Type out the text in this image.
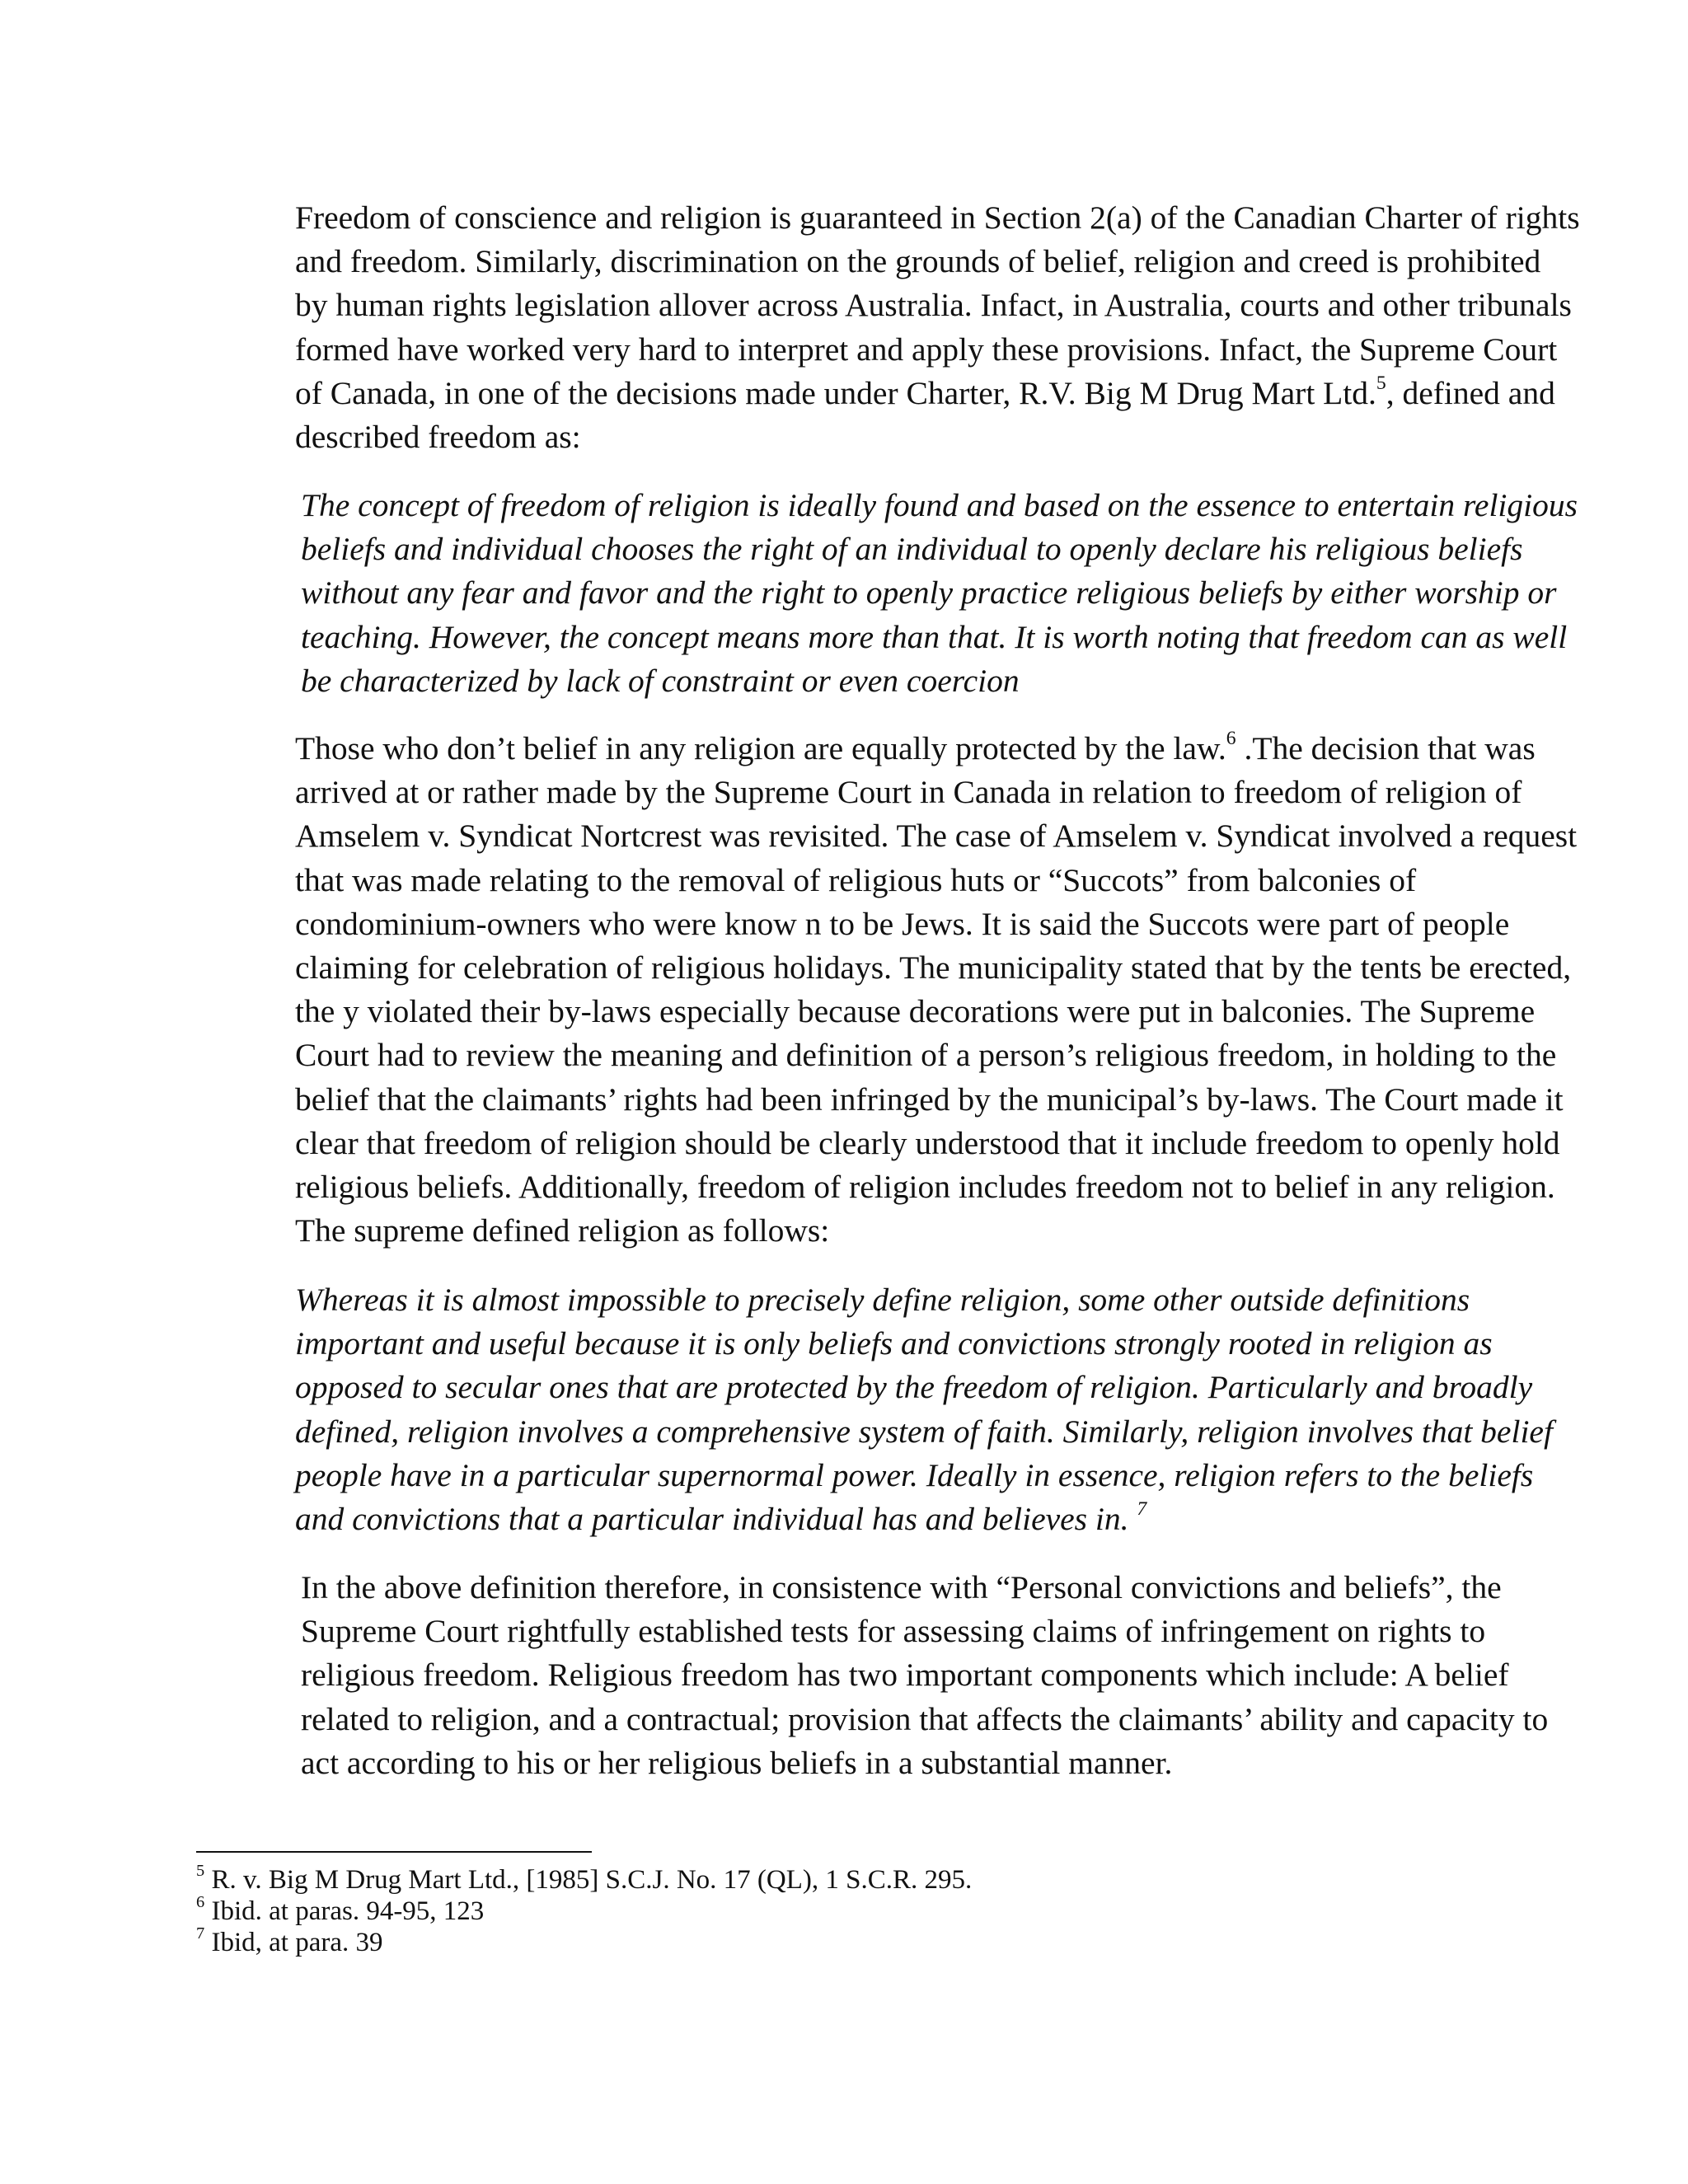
Freedom of conscience and religion is guaranteed in Section 2(a) of the Canadian Charter of rights and freedom. Similarly, discrimination on the grounds of belief, religion and creed is prohibited by human rights legislation allover across Australia. Infact, in Australia, courts and other tribunals formed have worked very hard to interpret and apply these provisions. Infact, the Supreme Court of Canada, in one of the decisions made under Charter, R.V. Big M Drug Mart Ltd.$^5$, defined and described freedom as:

The concept of freedom of religion is ideally found and based on the essence to entertain religious beliefs and individual chooses the right of an individual to openly declare his religious beliefs without any fear and favor and the right to openly practice religious beliefs by either worship or teaching. However, the concept means more than that. It is worth noting that freedom can as well be characterized by lack of constraint or even coercion

Those who don’t belief in any religion are equally protected by the law.$^6$ .The decision that was arrived at or rather made by the Supreme Court in Canada in relation to freedom of religion of Amselem v. Syndicat Nortcrest was revisited. The case of Amselem v. Syndicat involved a request that was made relating to the removal of religious huts or “Succots” from balconies of condominium-owners who were know n to be Jews. It is said the Succots were part of people claiming for celebration of religious holidays. The municipality stated that by the tents be erected, the y violated their by-laws especially because decorations were put in balconies. The Supreme Court had to review the meaning and definition of a person’s religious freedom, in holding to the belief that the claimants’ rights had been infringed by the municipal’s by-laws. The Court made it clear that freedom of religion should be clearly understood that it include freedom to openly hold religious beliefs. Additionally, freedom of religion includes freedom not to belief in any religion. The supreme defined religion as follows:

Whereas it is almost impossible to precisely define religion, some other outside definitions important and useful because it is only beliefs and convictions strongly rooted in religion as opposed to secular ones that are protected by the freedom of religion. Particularly and broadly defined, religion involves a comprehensive system of faith. Similarly, religion involves that belief people have in a particular supernormal power. Ideally in essence, religion refers to the beliefs and convictions that a particular individual has and believes in. $^7$

In the above definition therefore, in consistence with “Personal convictions and beliefs”, the Supreme Court rightfully established tests for assessing claims of infringement on rights to religious freedom. Religious freedom has two important components which include: A belief related to religion, and a contractual; provision that affects the claimants’ ability and capacity to act according to his or her religious beliefs in a substantial manner.

$^5$ R. v. Big M Drug Mart Ltd., [1985] S.C.J. No. 17 (QL), 1 S.C.R. 295.

$^6$ Ibid. at paras. 94-95, 123

$^7$ Ibid, at para. 39
